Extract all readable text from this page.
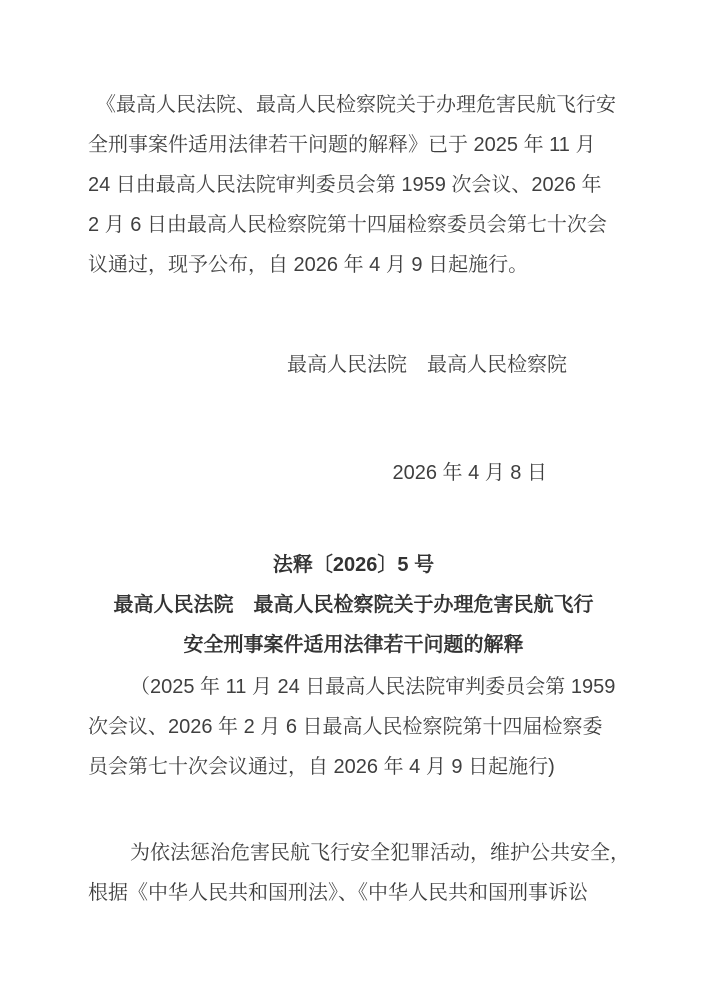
《最高人民法院、最高人民检察院关于办理危害民航飞行安
全刑事案件适用法律若干问题的解释》已于 2025 年 11 月
24 日由最高人民法院审判委员会第 1959 次会议、2026 年
2 月 6 日由最高人民检察院第十四届检察委员会第七十次会
议通过，现予公布，自 2026 年 4 月 9 日起施行。
最高人民法院　最高人民检察院
2026 年 4 月 8 日
法释〔2026〕5 号
最高人民法院　最高人民检察院关于办理危害民航飞行
安全刑事案件适用法律若干问题的解释
（2025 年 11 月 24 日最高人民法院审判委员会第 1959
次会议、2026 年 2 月 6 日最高人民检察院第十四届检察委
员会第七十次会议通过，自 2026 年 4 月 9 日起施行)
为依法惩治危害民航飞行安全犯罪活动，维护公共安全，
根据《中华人民共和国刑法》、《中华人民共和国刑事诉讼
